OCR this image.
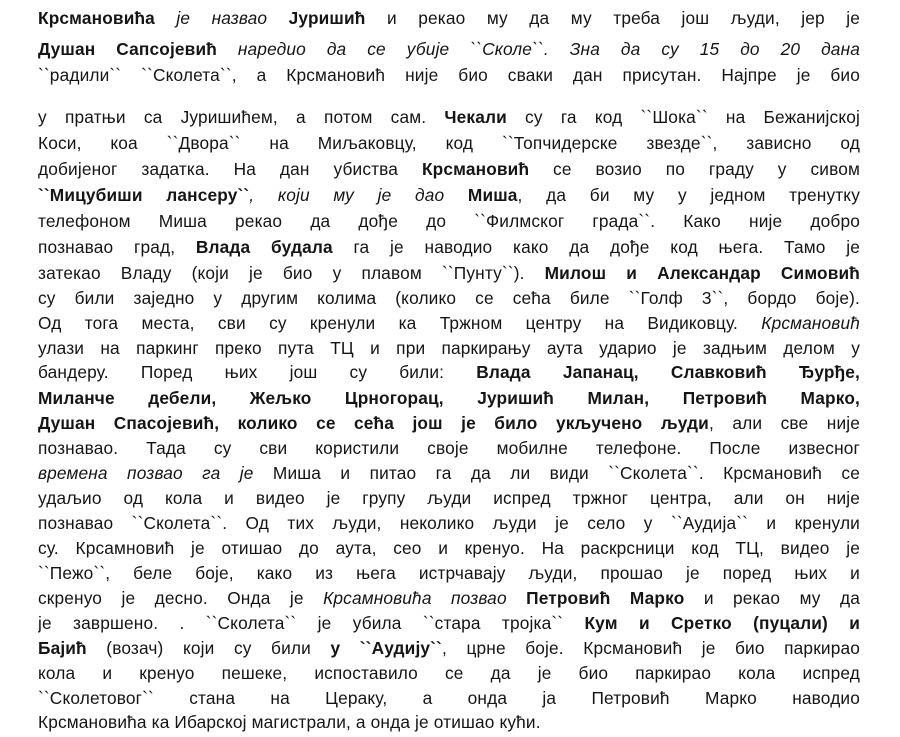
Крсмановића је назвао Јуришић и рекао му да му треба још људи, јер је
Душан Сапсојевић наредио да се убије ``Сколе``. Зна да су 15 до 20 дана
``радили`` ``Сколета``, а Крсмановић није био сваки дан присутан. Најпре је био
у пратњи са Јуришићем, а потом сам. Чекали су га код ``Шока`` на Бежанијској
Коси, коа ``Двора`` на Миљаковцу, код ``Топчидерске звезде``, зависно од
добијеног задатка. На дан убиства Крсмановић се возио по граду у сивом
``Мицубиши лансеру``, који му је дао Миша, да би му у једном тренутку
телефоном Миша рекао да дође до ``Филмског града``. Како није добро
познавао град, Влада будала га је наводио како да дође код њега. Тамо је
затекао Владу (који је био у плавом ``Пунту``). Милош и Александар Симовић
су били заједно у другим колима (колико се сећа биле ``Голф 3``, бордо боје).
Од тога места, сви су кренули ка Тржном центру на Видиковцу. Крсмановић
улази на паркинг преко пута ТЦ и при паркирању аута ударио је задњим делом у
бандеру. Поред њих још су били: Влада Јапанац, Славковић Ђурђе,
Миланче дебели, Жељко Црногорац, Јуришић Милан, Петровић Марко,
Душан Спасојевић, колико се сећа још је било укључено људи, али све није
познавао. Тада су сви користили своје мобилне телефоне. После извесног
времена позвао га је Миша и питао га да ли види ``Сколета``. Крсмановић се
удаљио од кола и видео је групу људи испред тржног центра, али он није
познавао ``Сколета``. Од тих људи, неколико људи је село у ``Аудија`` и кренули
су. Крсамновић је отишао до аута, сео и кренуо. На раскрсници код ТЦ, видео је
``Пежо``, беле боје, како из њега истрчавају људи, прошао је поред њих и
скренуо је десно. Онда је Крсамновића позвао Петровић Марко и рекао му да
је завршено. . ``Сколета`` је убила ``стара тројка`` Кум и Сретко (пуцали) и
Бајић (возач) који су били у ``Аудију``, црне боје. Крсмановић је био паркирао
кола и кренуо пешеке, испоставило се да је био паркирао кола испред
``Сколетовог`` стана на Цераку, а онда ја Петровић Марко наводио
Крсмановића ка Ибарској магистрали, а онда је отишао кући.
